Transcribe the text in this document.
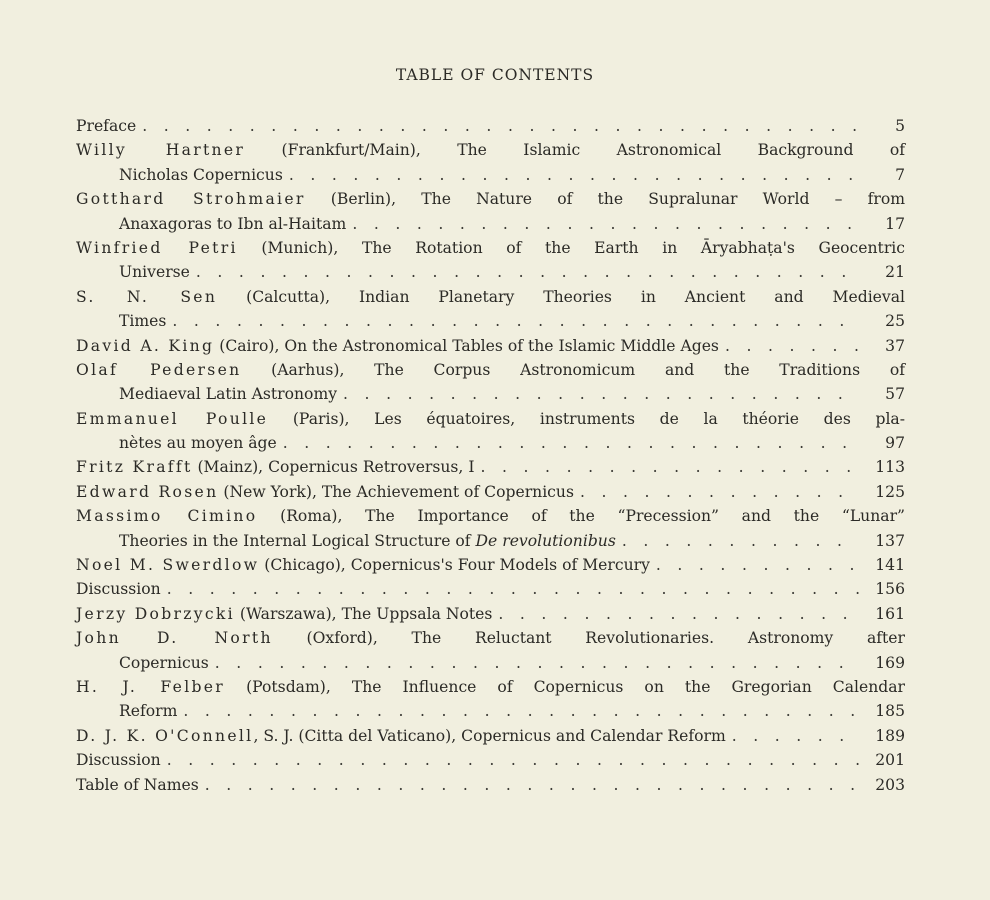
TABLE OF CONTENTS
Preface . . .	5
Willy Hartner (Frankfurt/Main), The Islamic Astronomical Background of
Nicholas Copernicus . . .	7
Gotthard Strohmaier (Berlin), The Nature of the Supralunar World – from
Anaxagoras to Ibn al-Haitam . . .	17
Winfried Petri (Munich), The Rotation of the Earth in Āryabhaṭa's Geocentric
Universe . . .	21
S. N. Sen (Calcutta), Indian Planetary Theories in Ancient and Medieval
Times . . .	25
David A. King (Cairo), On the Astronomical Tables of the Islamic Middle Ages . . .	37
Olaf Pedersen (Aarhus), The Corpus Astronomicum and the Traditions of
Mediaeval Latin Astronomy . . .	57
Emmanuel Poulle (Paris), Les équatoires, instruments de la théorie des pla-
nètes au moyen âge . . .	97
Fritz Krafft (Mainz), Copernicus Retroversus, I . . .	113
Edward Rosen (New York), The Achievement of Copernicus . . .	125
Massimo Cimino (Roma), The Importance of the “Precession” and the “Lunar”
Theories in the Internal Logical Structure of De revolutionibus . . .	137
Noel M. Swerdlow (Chicago), Copernicus's Four Models of Mercury . . .	141
Discussion . . .	156
Jerzy Dobrzycki (Warszawa), The Uppsala Notes . . .	161
John D. North (Oxford), The Reluctant Revolutionaries. Astronomy after
Copernicus . . .	169
H. J. Felber (Potsdam), The Influence of Copernicus on the Gregorian Calendar
Reform . . .	185
D. J. K. O'Connell, S. J. (Citta del Vaticano), Copernicus and Calendar Reform . . .	189
Discussion . . .	201
Table of Names . . .	203
